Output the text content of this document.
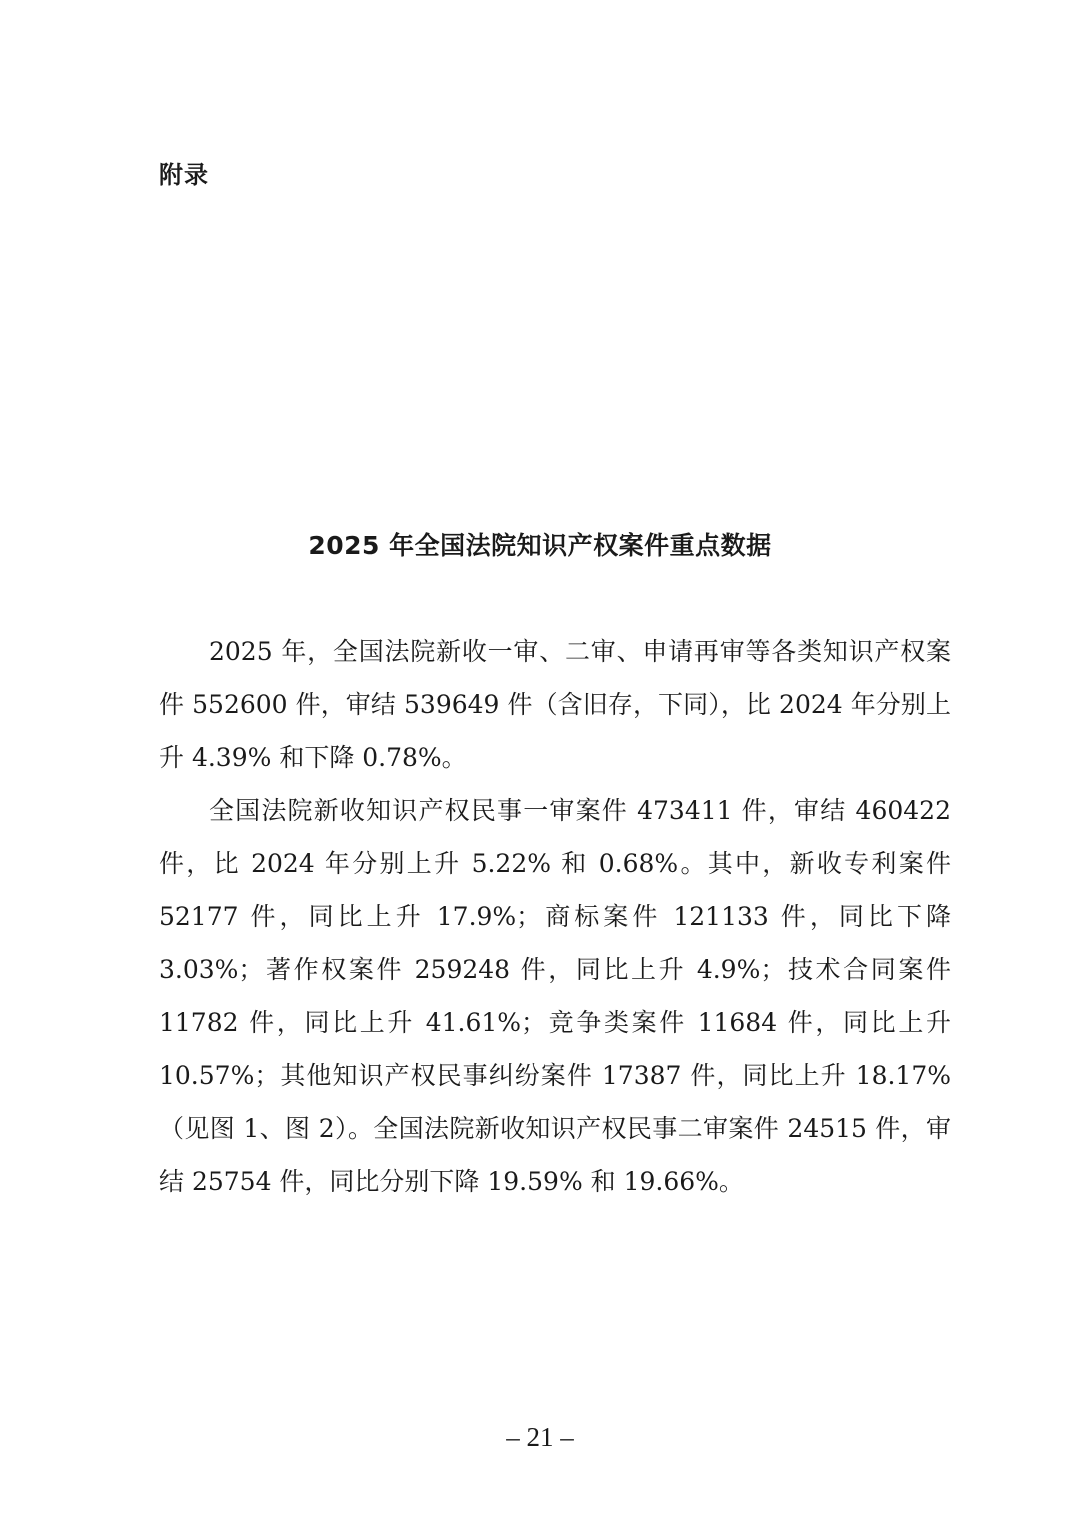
附录
2025 年全国法院知识产权案件重点数据

2025 年，全国法院新收一审、二审、申请再审等各类知识产权案件 552600 件，审结 539649 件（含旧存，下同），比 2024 年分别上升 4.39% 和下降 0.78%。

全国法院新收知识产权民事一审案件 473411 件，审结 460422 件，比 2024 年分别上升 5.22% 和 0.68%。其中，新收专利案件 52177 件，同比上升 17.9%；商标案件 121133 件，同比下降 3.03%；著作权案件 259248 件，同比上升 4.9%；技术合同案件 11782 件，同比上升 41.61%；竞争类案件 11684 件，同比上升 10.57%；其他知识产权民事纠纷案件 17387 件，同比上升 18.17%（见图 1、图 2）。全国法院新收知识产权民事二审案件 24515 件，审结 25754 件，同比分别下降 19.59% 和 19.66%。

– 21 –
